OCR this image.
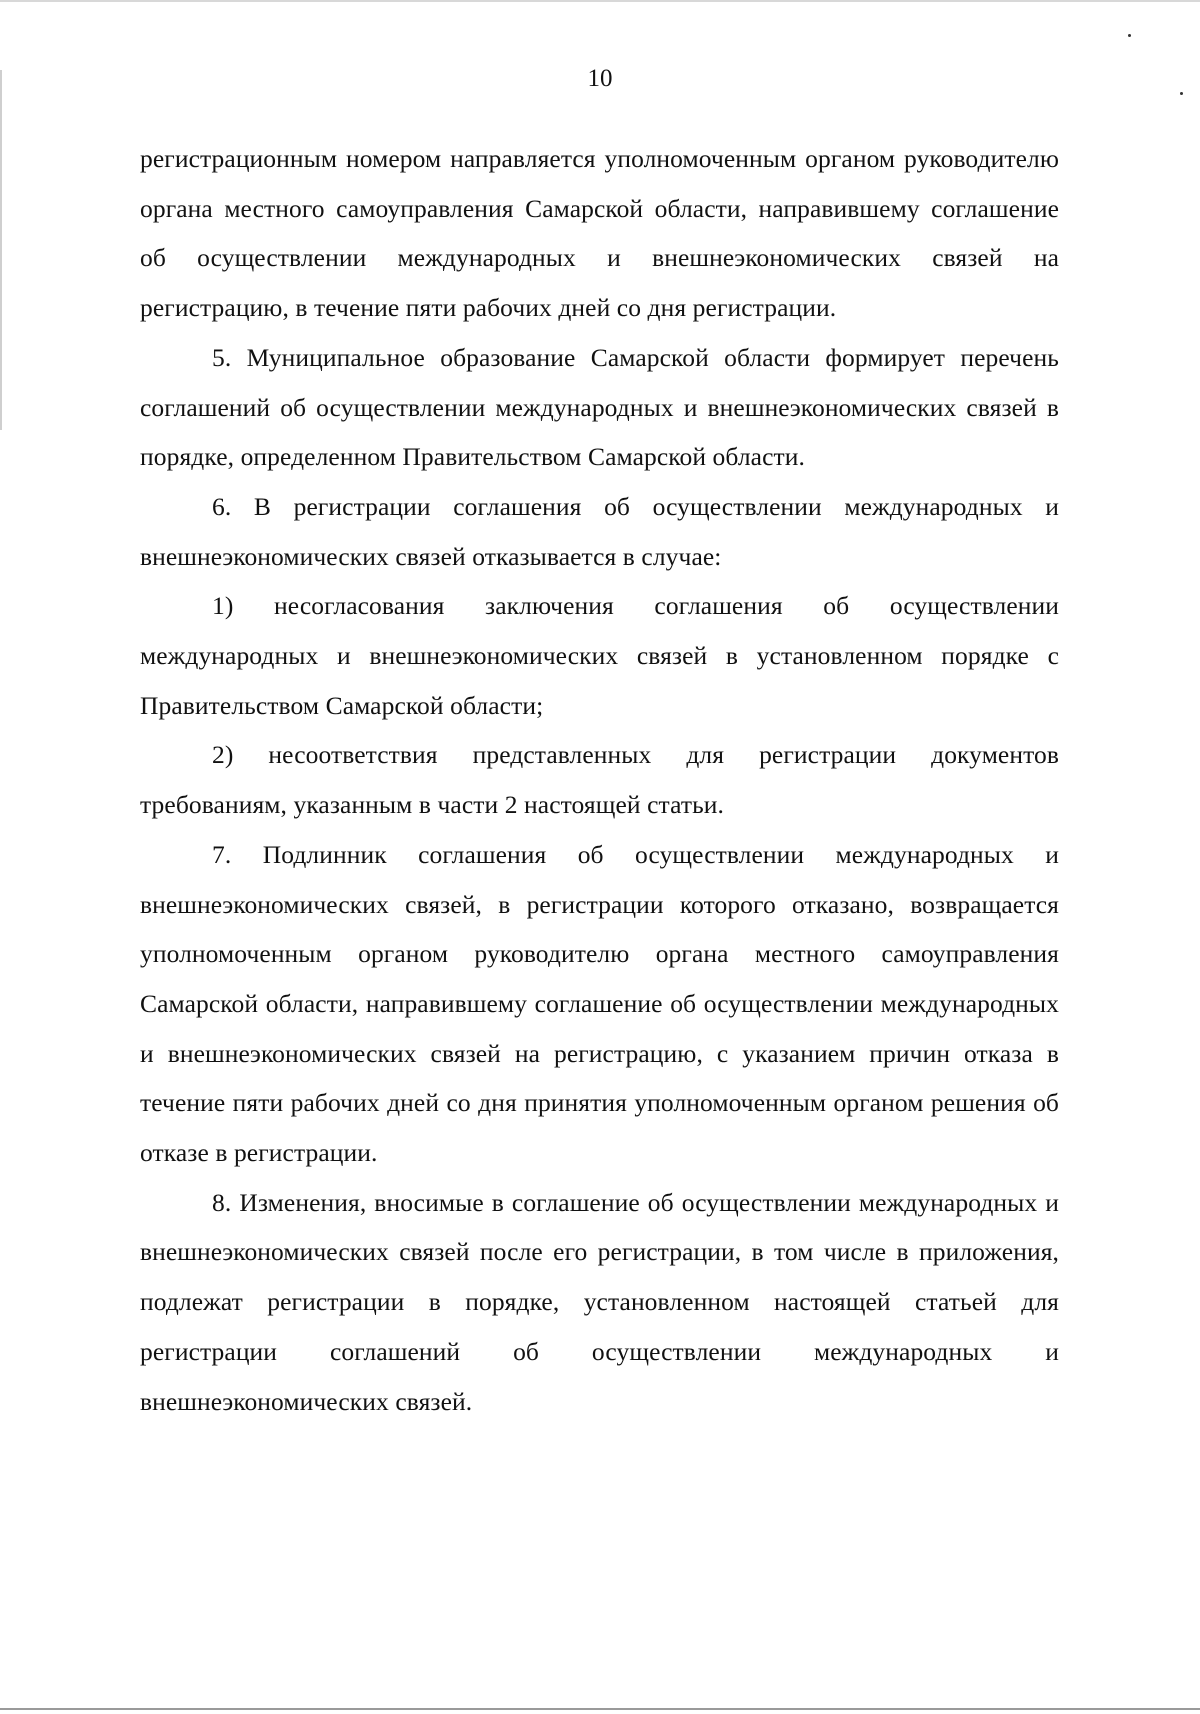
10

регистрационным номером направляется уполномоченным органом руководителю органа местного самоуправления Самарской области, направившему соглашение об осуществлении международных и внешнеэкономических связей на регистрацию, в течение пяти рабочих дней со дня регистрации.

5. Муниципальное образование Самарской области формирует перечень соглашений об осуществлении международных и внешнеэкономических связей в порядке, определенном Правительством Самарской области.

6. В регистрации соглашения об осуществлении международных и внешнеэкономических связей отказывается в случае:

1) несогласования заключения соглашения об осуществлении международных и внешнеэкономических связей в установленном порядке с Правительством Самарской области;

2) несоответствия представленных для регистрации документов требованиям, указанным в части 2 настоящей статьи.

7. Подлинник соглашения об осуществлении международных и внешнеэкономических связей, в регистрации которого отказано, возвращается уполномоченным органом руководителю органа местного самоуправления Самарской области, направившему соглашение об осуществлении международных и внешнеэкономических связей на регистрацию, с указанием причин отказа в течение пяти рабочих дней со дня принятия уполномоченным органом решения об отказе в регистрации.

8. Изменения, вносимые в соглашение об осуществлении международных и внешнеэкономических связей после его регистрации, в том числе в приложения, подлежат регистрации в порядке, установленном настоящей статьей для регистрации соглашений об осуществлении международных и внешнеэкономических связей.
